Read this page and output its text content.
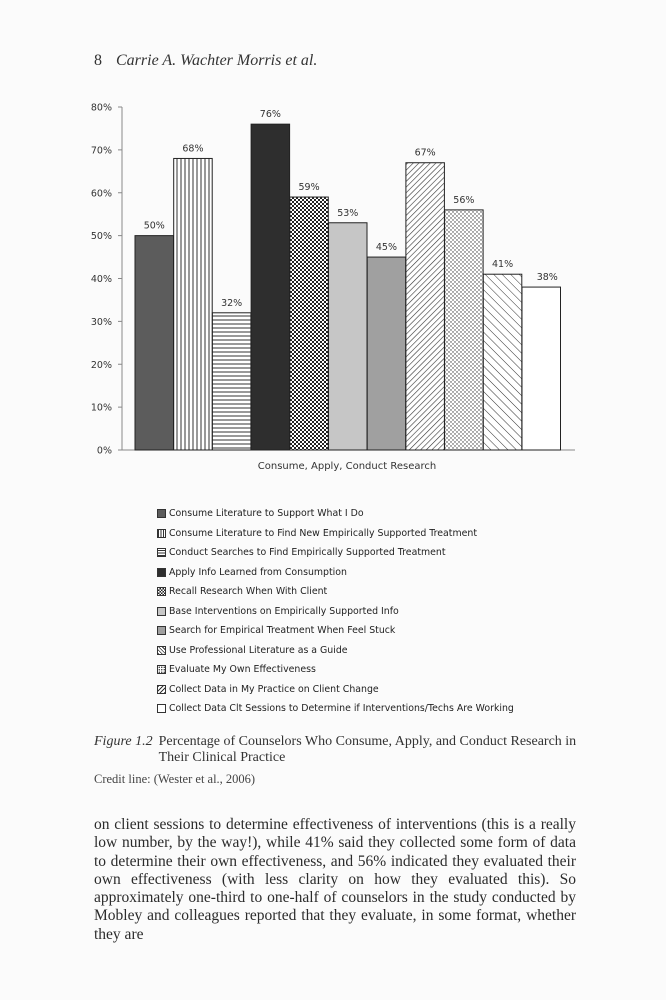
8 Carrie A. Wachter Morris et al.
0%
10%
20%
30%
40%
50%
60%
70%
80%
50%
68%
32%
76%
59%
53%
45%
67%
56%
41%
38%
Consume, Apply, Conduct Research
Consume Literature to Support What I Do
Consume Literature to Find New Empirically Supported Treatment
Conduct Searches to Find Empirically Supported Treatment
Apply Info Learned from Consumption
Recall Research When With Client
Base Interventions on Empirically Supported Info
Search for Empirical Treatment When Feel Stuck
Use Professional Literature as a Guide
Evaluate My Own Effectiveness
Collect Data in My Practice on Client Change
Collect Data Clt Sessions to Determine if Interventions/Techs Are Working
Figure 1.2 Percentage of Counselors Who Consume, Apply, and Conduct Research in Their Clinical Practice
Credit line: (Wester et al., 2006)

on client sessions to determine effectiveness of interventions (this is a really low number, by the way!), while 41% said they collected some form of data to determine their own effectiveness, and 56% indicated they evaluated their own effectiveness (with less clarity on how they evaluated this). So approximately one-third to one-half of counselors in the study conducted by Mobley and colleagues reported that they evaluate, in some format, whether they are
